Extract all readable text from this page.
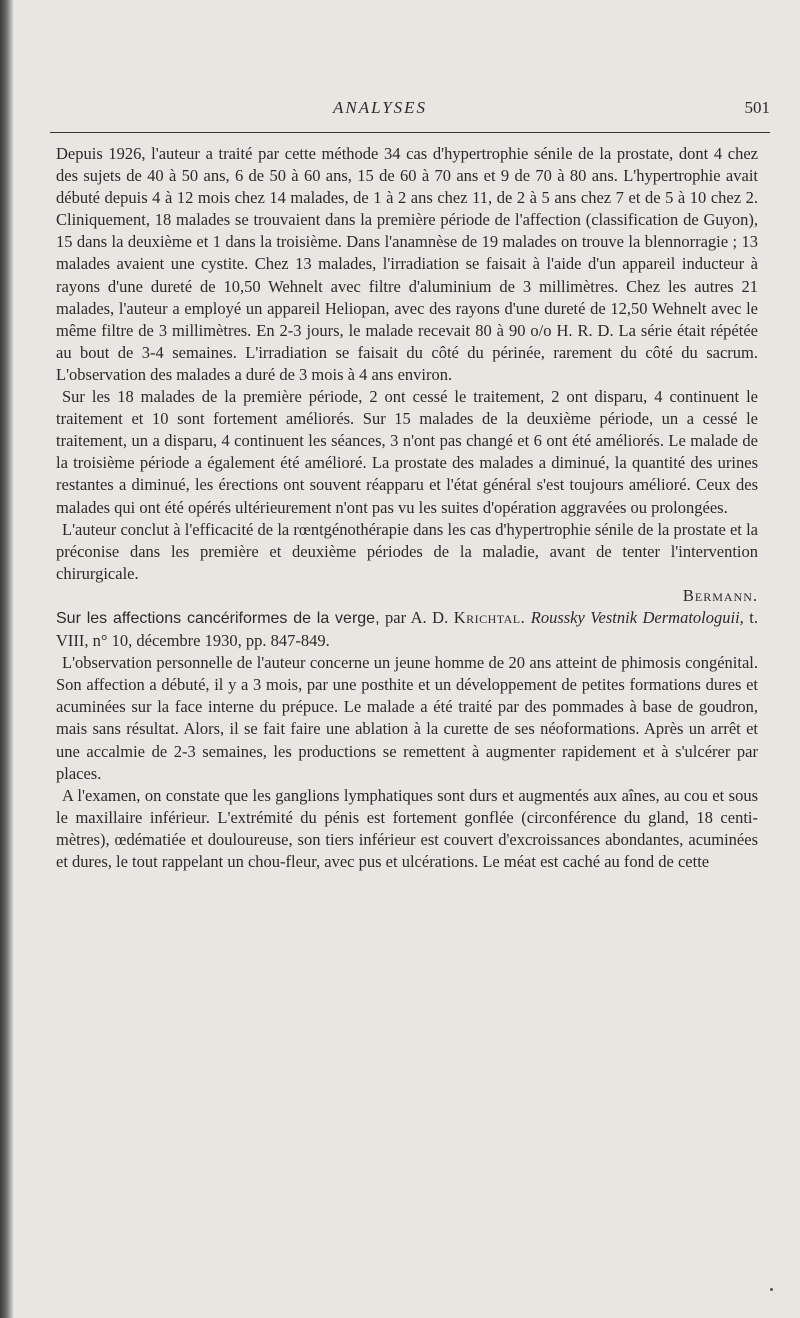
ANALYSES	501

Depuis 1926, l'auteur a traité par cette méthode 34 cas d'hypertrophie sénile de la prostate, dont 4 chez des sujets de 40 à 50 ans, 6 de 50 à 60 ans, 15 de 60 à 70 ans et 9 de 70 à 80 ans. L'hypertrophie avait débuté depuis 4 à 12 mois chez 14 malades, de 1 à 2 ans chez 11, de 2 à 5 ans chez 7 et de 5 à 10 chez 2. Cliniquement, 18 malades se trouvaient dans la première période de l'affection (classification de Guyon), 15 dans la deuxième et 1 dans la troisième. Dans l'anamnèse de 19 malades on trouve la blennorragie ; 13 malades avaient une cystite. Chez 13 malades, l'irradiation se faisait à l'aide d'un appareil inducteur à rayons d'une dureté de 10,50 Wehnelt avec filtre d'aluminium de 3 millimètres. Chez les autres 21 malades, l'auteur a employé un appareil Heliopan, avec des rayons d'une dureté de 12,50 Wehnelt avec le même filtre de 3 millimètres. En 2-3 jours, le malade recevait 80 à 90 o/o H. R. D. La série était répétée au bout de 3-4 semaines. L'irradiation se faisait du côté du périnée, rarement du côté du sacrum. L'observation des malades a duré de 3 mois à 4 ans environ.

Sur les 18 malades de la première période, 2 ont cessé le traitement, 2 ont disparu, 4 continuent le traitement et 10 sont fortement améliorés. Sur 15 malades de la deuxième période, un a cessé le traitement, un a disparu, 4 continuent les séances, 3 n'ont pas changé et 6 ont été améliorés. Le malade de la troisième période a également été amélioré. La prostate des malades a diminué, la quantité des urines restantes a diminué, les érections ont souvent réapparu et l'état général s'est toujours amélioré. Ceux des malades qui ont été opérés ultérieurement n'ont pas vu les suites d'opération aggravées ou prolongées.

L'auteur conclut à l'efficacité de la rœntgénothérapie dans les cas d'hypertrophie sénile de la prostate et la préconise dans les première et deuxième périodes de la maladie, avant de tenter l'intervention chirurgicale.

Bermann.

Sur les affections cancériformes de la verge, par A. D. Krichtal. Roussky Vestnik Dermatologuii, t. VIII, n° 10, décembre 1930, pp. 847-849.

L'observation personnelle de l'auteur concerne un jeune homme de 20 ans atteint de phimosis congénital. Son affection a débuté, il y a 3 mois, par une posthite et un développement de petites formations dures et acuminées sur la face interne du prépuce. Le malade a été traité par des pommades à base de goudron, mais sans résultat. Alors, il se fait faire une ablation à la curette de ses néoformations. Après un arrêt et une accalmie de 2-3 semaines, les productions se remettent à augmenter rapidement et à s'ulcérer par places.

A l'examen, on constate que les ganglions lymphatiques sont durs et augmentés aux aînes, au cou et sous le maxillaire inférieur. L'extrémité du pénis est fortement gonflée (circonférence du gland, 18 centimètres), œdématiée et douloureuse, son tiers inférieur est couvert d'excroissances abondantes, acuminées et dures, le tout rappelant un chou-fleur, avec pus et ulcérations. Le méat est caché au fond de cette
